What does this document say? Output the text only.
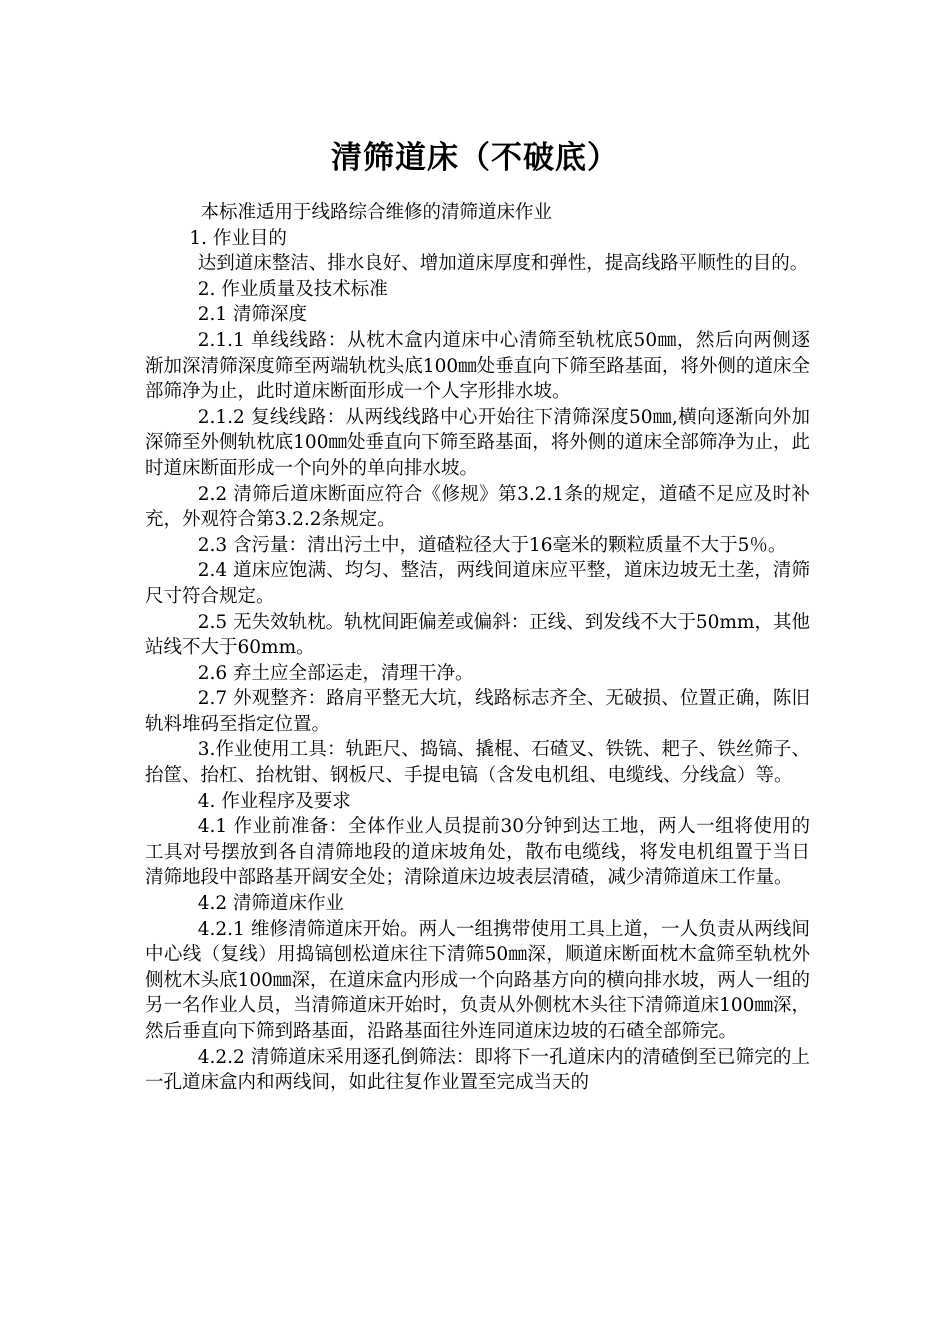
清筛道床（不破底）

本标准适用于线路综合维修的清筛道床作业

1. 作业目的

达到道床整洁、排水良好、增加道床厚度和弹性，提高线路平顺性的目的。

2. 作业质量及技术标准

2.1 清筛深度

2.1.1 单线线路：从枕木盒内道床中心清筛至轨枕底50㎜，然后向两侧逐渐加深清筛深度筛至两端轨枕头底100㎜处垂直向下筛至路基面，将外侧的道床全部筛净为止，此时道床断面形成一个人字形排水坡。

2.1.2 复线线路：从两线线路中心开始往下清筛深度50㎜,横向逐渐向外加深筛至外侧轨枕底100㎜处垂直向下筛至路基面，将外侧的道床全部筛净为止，此时道床断面形成一个向外的单向排水坡。

2.2 清筛后道床断面应符合《修规》第3.2.1条的规定，道碴不足应及时补充，外观符合第3.2.2条规定。

2.3 含污量：清出污土中，道碴粒径大于16毫米的颗粒质量不大于5％。

2.4 道床应饱满、均匀、整洁，两线间道床应平整，道床边坡无土垄，清筛尺寸符合规定。

2.5 无失效轨枕。轨枕间距偏差或偏斜：正线、到发线不大于50mm，其他站线不大于60mm。

2.6 弃土应全部运走，清理干净。

2.7 外观整齐：路肩平整无大坑，线路标志齐全、无破损、位置正确，陈旧轨料堆码至指定位置。

3.作业使用工具：轨距尺、捣镐、撬棍、石碴叉、铁铣、耙子、铁丝筛子、抬筐、抬杠、抬枕钳、钢板尺、手提电镐（含发电机组、电缆线、分线盒）等。

4. 作业程序及要求

4.1 作业前准备：全体作业人员提前30分钟到达工地，两人一组将使用的工具对号摆放到各自清筛地段的道床坡角处，散布电缆线，将发电机组置于当日清筛地段中部路基开阔安全处；清除道床边坡表层清碴，减少清筛道床工作量。

4.2 清筛道床作业

4.2.1 维修清筛道床开始。两人一组携带使用工具上道，一人负责从两线间中心线（复线）用捣镐刨松道床往下清筛50㎜深，顺道床断面枕木盒筛至轨枕外侧枕木头底100㎜深，在道床盒内形成一个向路基方向的横向排水坡，两人一组的另一名作业人员，当清筛道床开始时，负责从外侧枕木头往下清筛道床100㎜深，然后垂直向下筛到路基面，沿路基面往外连同道床边坡的石碴全部筛完。

4.2.2 清筛道床采用逐孔倒筛法：即将下一孔道床内的清碴倒至已筛完的上一孔道床盒内和两线间，如此往复作业置至完成当天的
